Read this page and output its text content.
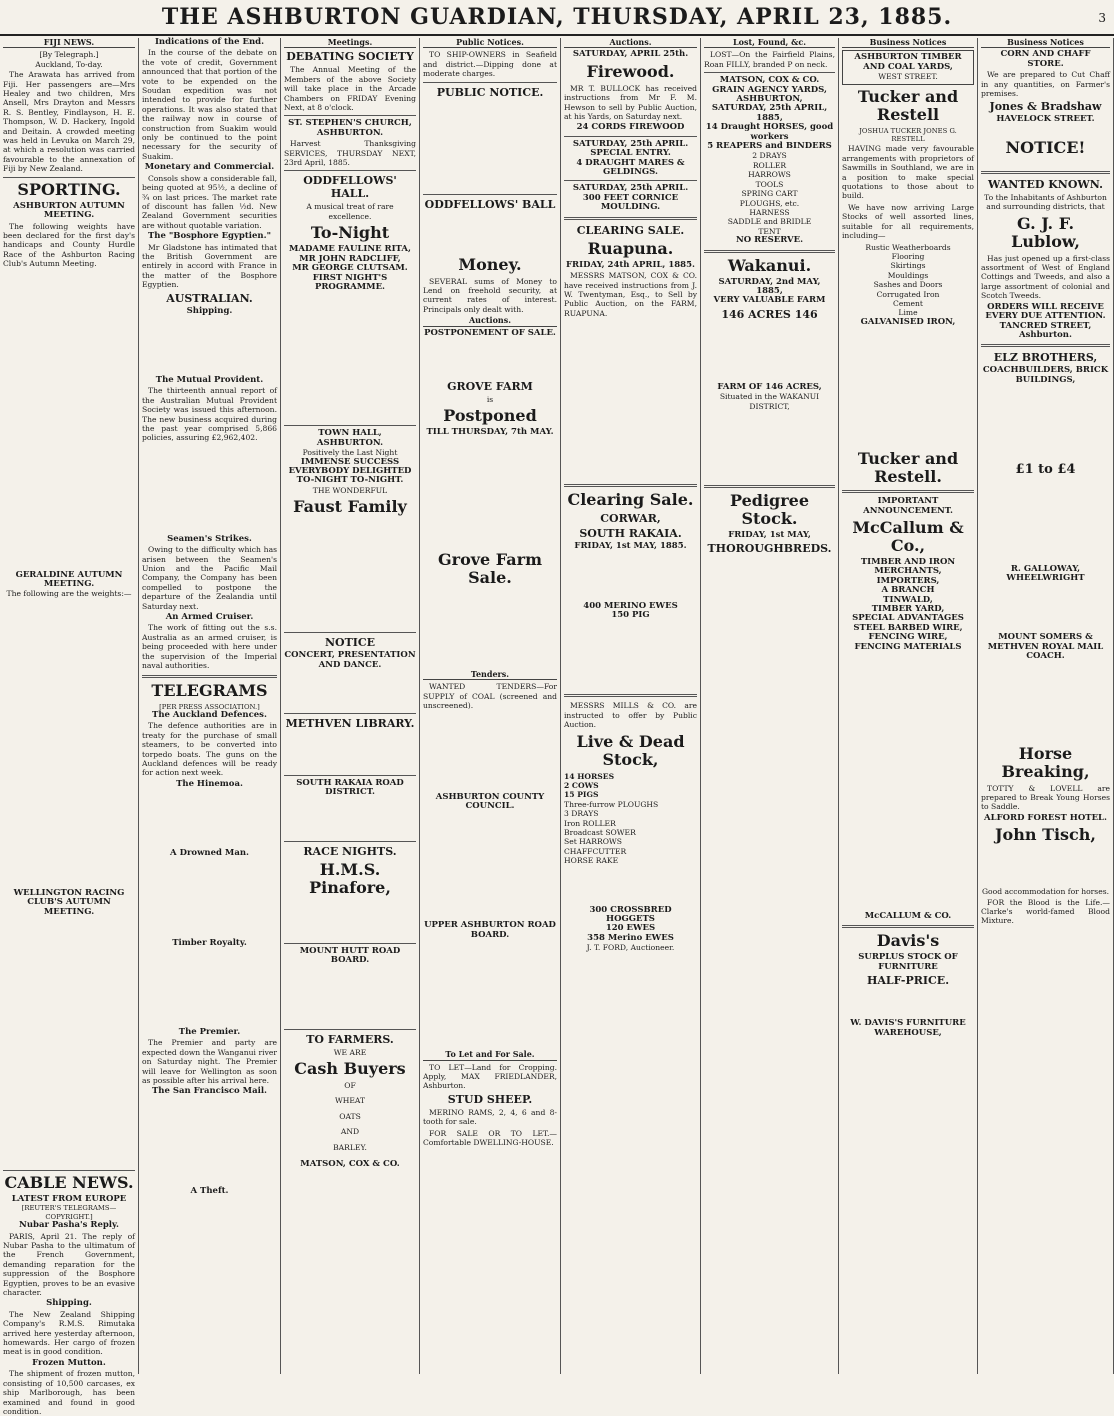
THE ASHBURTON GUARDIAN, THURSDAY, APRIL 23, 1885.	3
FIJI NEWS.
[By Telegraph.]
Auckland, To-day.
The Arawata has arrived from Fiji. Her passengers are—Mrs Healey and two children, Mrs Ansell, Mrs Drayton and Messrs R. S. Bentley, Findlayson, H. E. Thompson, W. D. Hackery, Ingold and Deitain. A crowded meeting was held in Levuka on March 29, at which a resolution was carried favourable to the annexation of Fiji by New Zealand.
SPORTING.
ASHBURTON AUTUMN MEETING.
The following weights have been declared for the first day's handicaps and County Hurdle Race of the Ashburton Racing Club's Autumn Meeting.
GERALDINE AUTUMN MEETING.
The following are the weights:—
WELLINGTON RACING CLUB'S AUTUMN MEETING.
CABLE NEWS.
LATEST FROM EUROPE
[REUTER'S TELEGRAMS—COPYRIGHT.]
Nubar Pasha's Reply.
PARIS, April 21. The reply of Nubar Pasha to the ultimatum of the French Government, demanding reparation for the suppression of the Bosphore Egyptien, proves to be an evasive character.
Shipping.
The New Zealand Shipping Company's R.M.S. Rimutaka arrived here yesterday afternoon, homewards. Her cargo of frozen meat is in good condition.
Frozen Mutton.
The shipment of frozen mutton, consisting of 10,500 carcases, ex ship Marlborough, has been examined and found in good condition.
Indications of the End.
In the course of the debate on the vote of credit, Government announced that that portion of the vote to be expended on the Soudan expedition was not intended to provide for further operations. It was also stated that the railway now in course of construction from Suakim would only be continued to the point necessary for the security of Suakim.
Monetary and Commercial.
Consols show a considerable fall, being quoted at 95½, a decline of ¾ on last prices. The market rate of discount has fallen ½d. New Zealand Government securities are without quotable variation.
The "Bosphore Egyptien."
Mr Gladstone has intimated that the British Government are entirely in accord with France in the matter of the Bosphore Egyptien.
AUSTRALIAN.
Shipping.
The Mutual Provident.
The thirteenth annual report of the Australian Mutual Provident Society was issued this afternoon. The new business acquired during the past year comprised 5,866 policies, assuring £2,962,402.
Seamen's Strikes.
Owing to the difficulty which has arisen between the Seamen's Union and the Pacific Mail Company, the Company has been compelled to postpone the departure of the Zealandia until Saturday next.
An Armed Cruiser.
The work of fitting out the s.s. Australia as an armed cruiser, is being proceeded with here under the supervision of the Imperial naval authorities.
TELEGRAMS
[PER PRESS ASSOCIATION.]
The Auckland Defences.
The defence authorities are in treaty for the purchase of small steamers, to be converted into torpedo boats. The guns on the Auckland defences will be ready for action next week.
The Hinemoa.
A Drowned Man.
Timber Royalty.
The Premier.
The Premier and party are expected down the Wanganui river on Saturday night. The Premier will leave for Wellington as soon as possible after his arrival here.
The San Francisco Mail.
A Theft.
Meetings.
DEBATING SOCIETY
The Annual Meeting of the Members of the above Society will take place in the Arcade Chambers on FRIDAY Evening Next, at 8 o'clock.
ST. STEPHEN'S CHURCH, ASHBURTON.
Harvest Thanksgiving SERVICES, THURSDAY NEXT, 23rd April, 1885.
ODDFELLOWS' HALL.
A musical treat of rare excellence.
To-Night
MADAME FAULINE RITA,
MR JOHN RADCLIFF,
MR GEORGE CLUTSAM.
FIRST NIGHT'S PROGRAMME.
TOWN HALL, ASHBURTON.
Positively the Last Night
IMMENSE SUCCESS
EVERYBODY DELIGHTED
TO-NIGHT TO-NIGHT.
THE WONDERFUL
Faust Family
NOTICE
CONCERT, PRESENTATION AND DANCE.
METHVEN LIBRARY.
SOUTH RAKAIA ROAD DISTRICT.
RACE NIGHTS.
H.M.S. Pinafore,
MOUNT HUTT ROAD BOARD.
TO FARMERS.
WE ARE
Cash Buyers
OF
WHEAT
OATS
AND
BARLEY.
MATSON, COX & CO.
Public Notices.
TO SHIP-OWNERS in Seafield and district.—Dipping done at moderate charges.
PUBLIC NOTICE.
ODDFELLOWS' BALL
Money.
SEVERAL sums of Money to Lend on freehold security, at current rates of interest. Principals only dealt with.
Auctions.
POSTPONEMENT OF SALE.
GROVE FARM
is
Postponed
TILL THURSDAY, 7th MAY.
Grove Farm Sale.
Tenders.
WANTED TENDERS—For SUPPLY of COAL (screened and unscreened).
ASHBURTON COUNTY COUNCIL.
UPPER ASHBURTON ROAD BOARD.
To Let and For Sale.
TO LET—Land for Cropping. Apply, MAX FRIEDLANDER, Ashburton.
STUD SHEEP.
MERINO RAMS, 2, 4, 6 and 8-tooth for sale.
FOR SALE OR TO LET.—Comfortable DWELLING-HOUSE.
Auctions.
SATURDAY, APRIL 25th.
Firewood.
MR T. BULLOCK has received instructions from Mr F. M. Hewson to sell by Public Auction, at his Yards, on Saturday next.
24 CORDS FIREWOOD
SATURDAY, 25th APRIL.
SPECIAL ENTRY.
4 DRAUGHT MARES & GELDINGS.
SATURDAY, 25th APRIL.
300 FEET CORNICE MOULDING.
CLEARING SALE.
Ruapuna.
FRIDAY, 24th APRIL, 1885.
MESSRS MATSON, COX & CO. have received instructions from J. W. Twentyman, Esq., to Sell by Public Auction, on the FARM, RUAPUNA.
Clearing Sale.
CORWAR,
SOUTH RAKAIA.
FRIDAY, 1st MAY, 1885.
400 MERINO EWES
150 PIG
MESSRS MILLS & CO. are instructed to offer by Public Auction.
Live & Dead Stock,
14 HORSES
2 COWS
15 PIGS
Three-furrow PLOUGHS
3 DRAYS
Iron ROLLER
Broadcast SOWER
Set HARROWS
CHAFFCUTTER
HORSE RAKE
300 CROSSBRED HOGGETS
120 EWES
358 Merino EWES
J. T. FORD, Auctioneer.
Lost, Found, &c.
LOST—On the Fairfield Plains, Roan FILLY, branded P on neck.
MATSON, COX & CO.
GRAIN AGENCY YARDS, ASHBURTON,
SATURDAY, 25th APRIL, 1885,
14 Draught HORSES, good workers
5 REAPERS and BINDERS
2 DRAYS
ROLLER
HARROWS
TOOLS
SPRING CART
PLOUGHS, etc.
HARNESS
SADDLE and BRIDLE
TENT
NO RESERVE.
Wakanui.
SATURDAY, 2nd MAY, 1885,
VERY VALUABLE FARM
146 ACRES 146
FARM OF 146 ACRES,
Situated in the WAKANUI DISTRICT,
Pedigree Stock.
FRIDAY, 1st MAY,
THOROUGHBREDS.
Business Notices
ASHBURTON TIMBER AND COAL YARDS,
WEST STREET.
Tucker and Restell
JOSHUA TUCKER JONES G. RESTELL
HAVING made very favourable arrangements with proprietors of Sawmills in Southland, we are in a position to make special quotations to those about to build.
We have now arriving Large Stocks of well assorted lines, suitable for all requirements, including—
Rustic Weatherboards
Flooring
Skirtings
Mouldings
Sashes and Doors
Corrugated Iron
Cement
Lime
GALVANISED IRON,
Tucker and Restell.
IMPORTANT ANNOUNCEMENT.
McCallum & Co.,
TIMBER AND IRON MERCHANTS, IMPORTERS,
A BRANCH
TINWALD,
TIMBER YARD,
SPECIAL ADVANTAGES
STEEL BARBED WIRE,
FENCING WIRE,
FENCING MATERIALS
McCALLUM & CO.
Davis's
SURPLUS STOCK OF FURNITURE
HALF-PRICE.
W. DAVIS'S FURNITURE WAREHOUSE,
Business Notices
CORN AND CHAFF STORE.
We are prepared to Cut Chaff in any quantities, on Farmer's premises.
Jones & Bradshaw
HAVELOCK STREET.
NOTICE!
WANTED KNOWN.
To the Inhabitants of Ashburton and surrounding districts, that
G. J. F. Lublow,
Has just opened up a first-class assortment of West of England Cottings and Tweeds, and also a large assortment of colonial and Scotch Tweeds.
ORDERS WILL RECEIVE EVERY DUE ATTENTION.
TANCRED STREET, Ashburton.
ELZ BROTHERS,
COACHBUILDERS, BRICK BUILDINGS,
£1 to £4
R. GALLOWAY, WHEELWRIGHT
MOUNT SOMERS & METHVEN ROYAL MAIL COACH.
Horse Breaking,
TOTTY & LOVELL are prepared to Break Young Horses to Saddle.
ALFORD FOREST HOTEL.
John Tisch,
Good accommodation for horses.
FOR the Blood is the Life.—Clarke's world-famed Blood Mixture.
